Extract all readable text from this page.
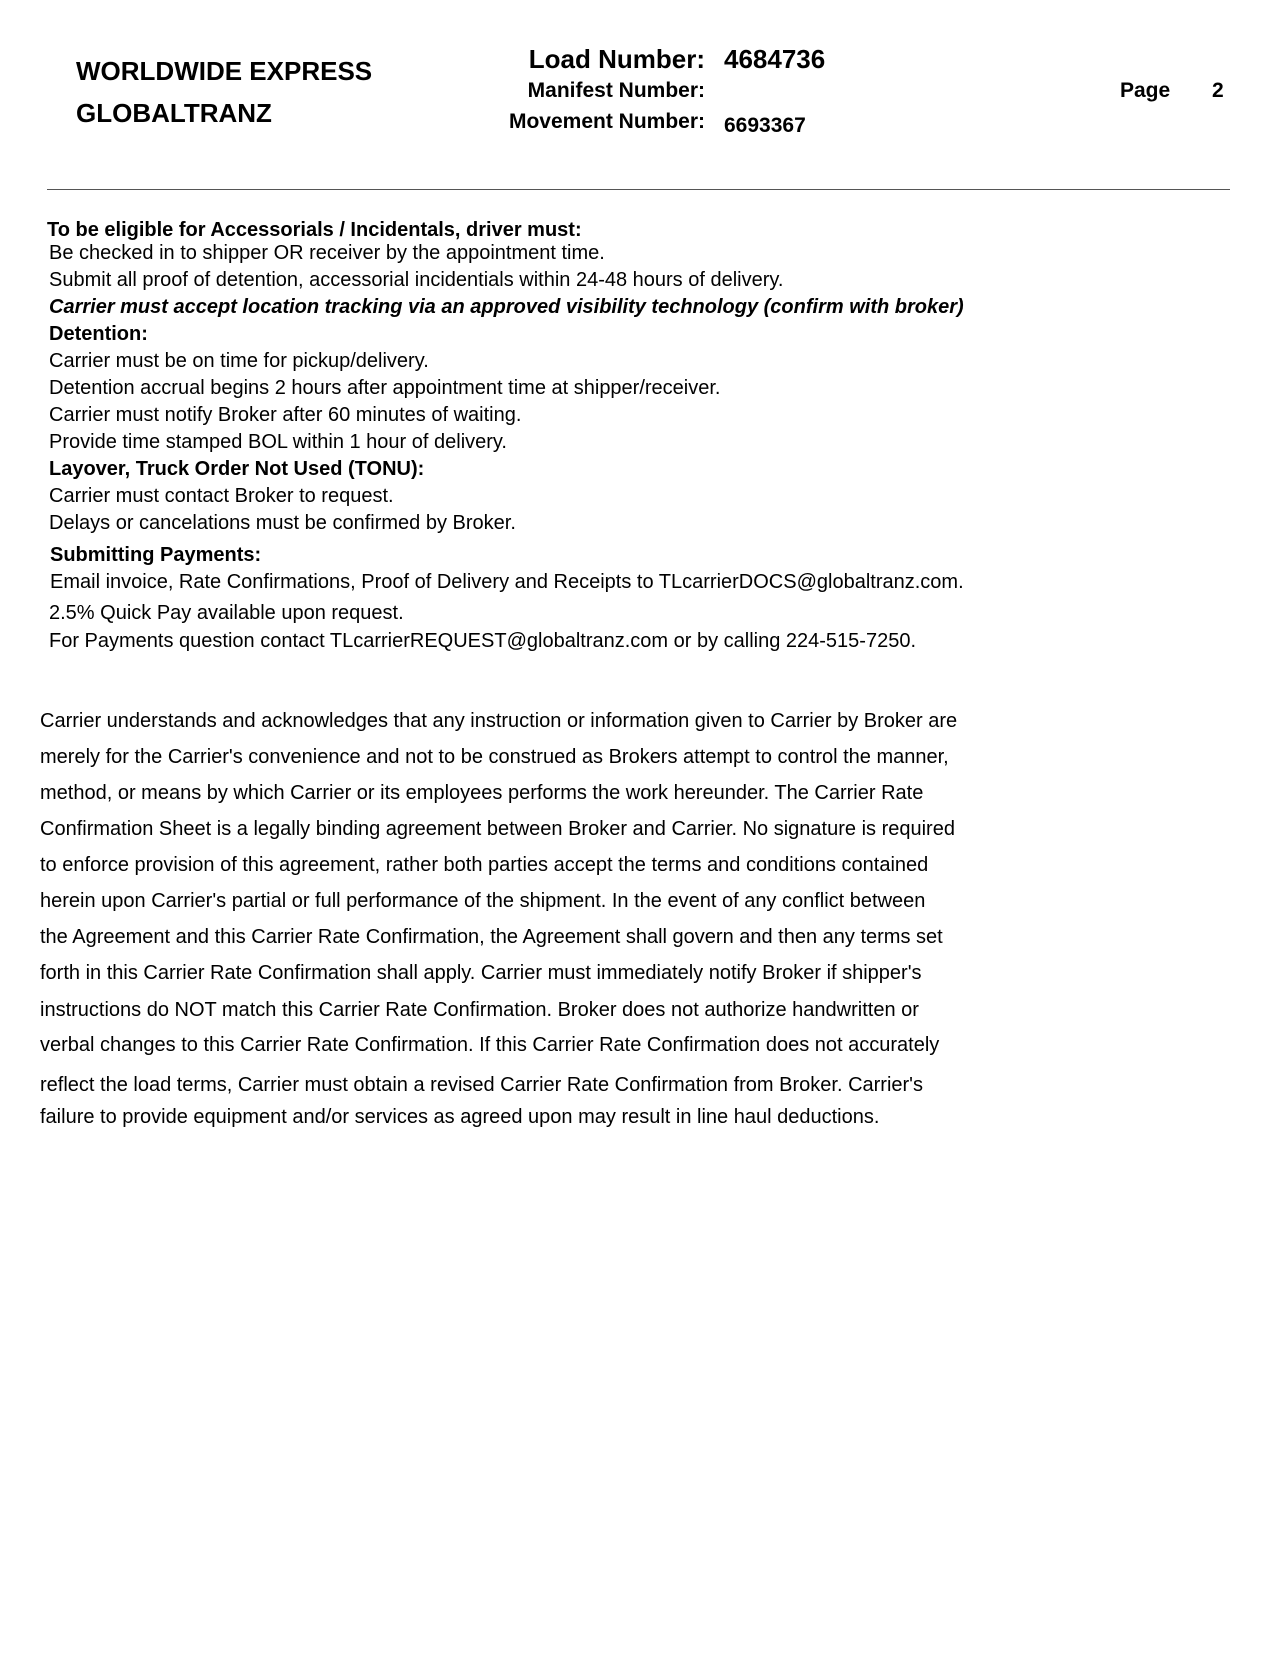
WORLDWIDE EXPRESS
GLOBALTRANZ
Load Number: 4684736
Manifest Number:
Movement Number: 6693367
Page 2
To be eligible for Accessorials / Incidentals, driver must:
Be checked in to shipper OR receiver by the appointment time.
Submit all proof of detention, accessorial incidentials within 24-48 hours of delivery.
Carrier must accept location tracking via an approved visibility technology (confirm with broker)
Detention:
Carrier must be on time for pickup/delivery.
Detention accrual begins 2 hours after appointment time at shipper/receiver.
Carrier must notify Broker after 60 minutes of waiting.
Provide time stamped BOL within 1 hour of delivery.
Layover, Truck Order Not Used (TONU):
Carrier must contact Broker to request.
Delays or cancelations must be confirmed by Broker.
Submitting Payments:
Email invoice, Rate Confirmations, Proof of Delivery and Receipts to TLcarrierDOCS@globaltranz.com.
2.5% Quick Pay available upon request.
For Payments question contact TLcarrierREQUEST@globaltranz.com or by calling 224-515-7250.
Carrier understands and acknowledges that any instruction or information given to Carrier by Broker are
merely for the Carrier's convenience and not to be construed as Brokers attempt to control the manner,
method, or means by which Carrier or its employees performs the work hereunder. The Carrier Rate
Confirmation Sheet is a legally binding agreement between Broker and Carrier. No signature is required
to enforce provision of this agreement, rather both parties accept the terms and conditions contained
herein upon Carrier's partial or full performance of the shipment. In the event of any conflict between
the Agreement and this Carrier Rate Confirmation, the Agreement shall govern and then any terms set
forth in this Carrier Rate Confirmation shall apply. Carrier must immediately notify Broker if shipper's
instructions do NOT match this Carrier Rate Confirmation. Broker does not authorize handwritten or
verbal changes to this Carrier Rate Confirmation. If this Carrier Rate Confirmation does not accurately
reflect the load terms, Carrier must obtain a revised Carrier Rate Confirmation from Broker. Carrier's
failure to provide equipment and/or services as agreed upon may result in line haul deductions.
